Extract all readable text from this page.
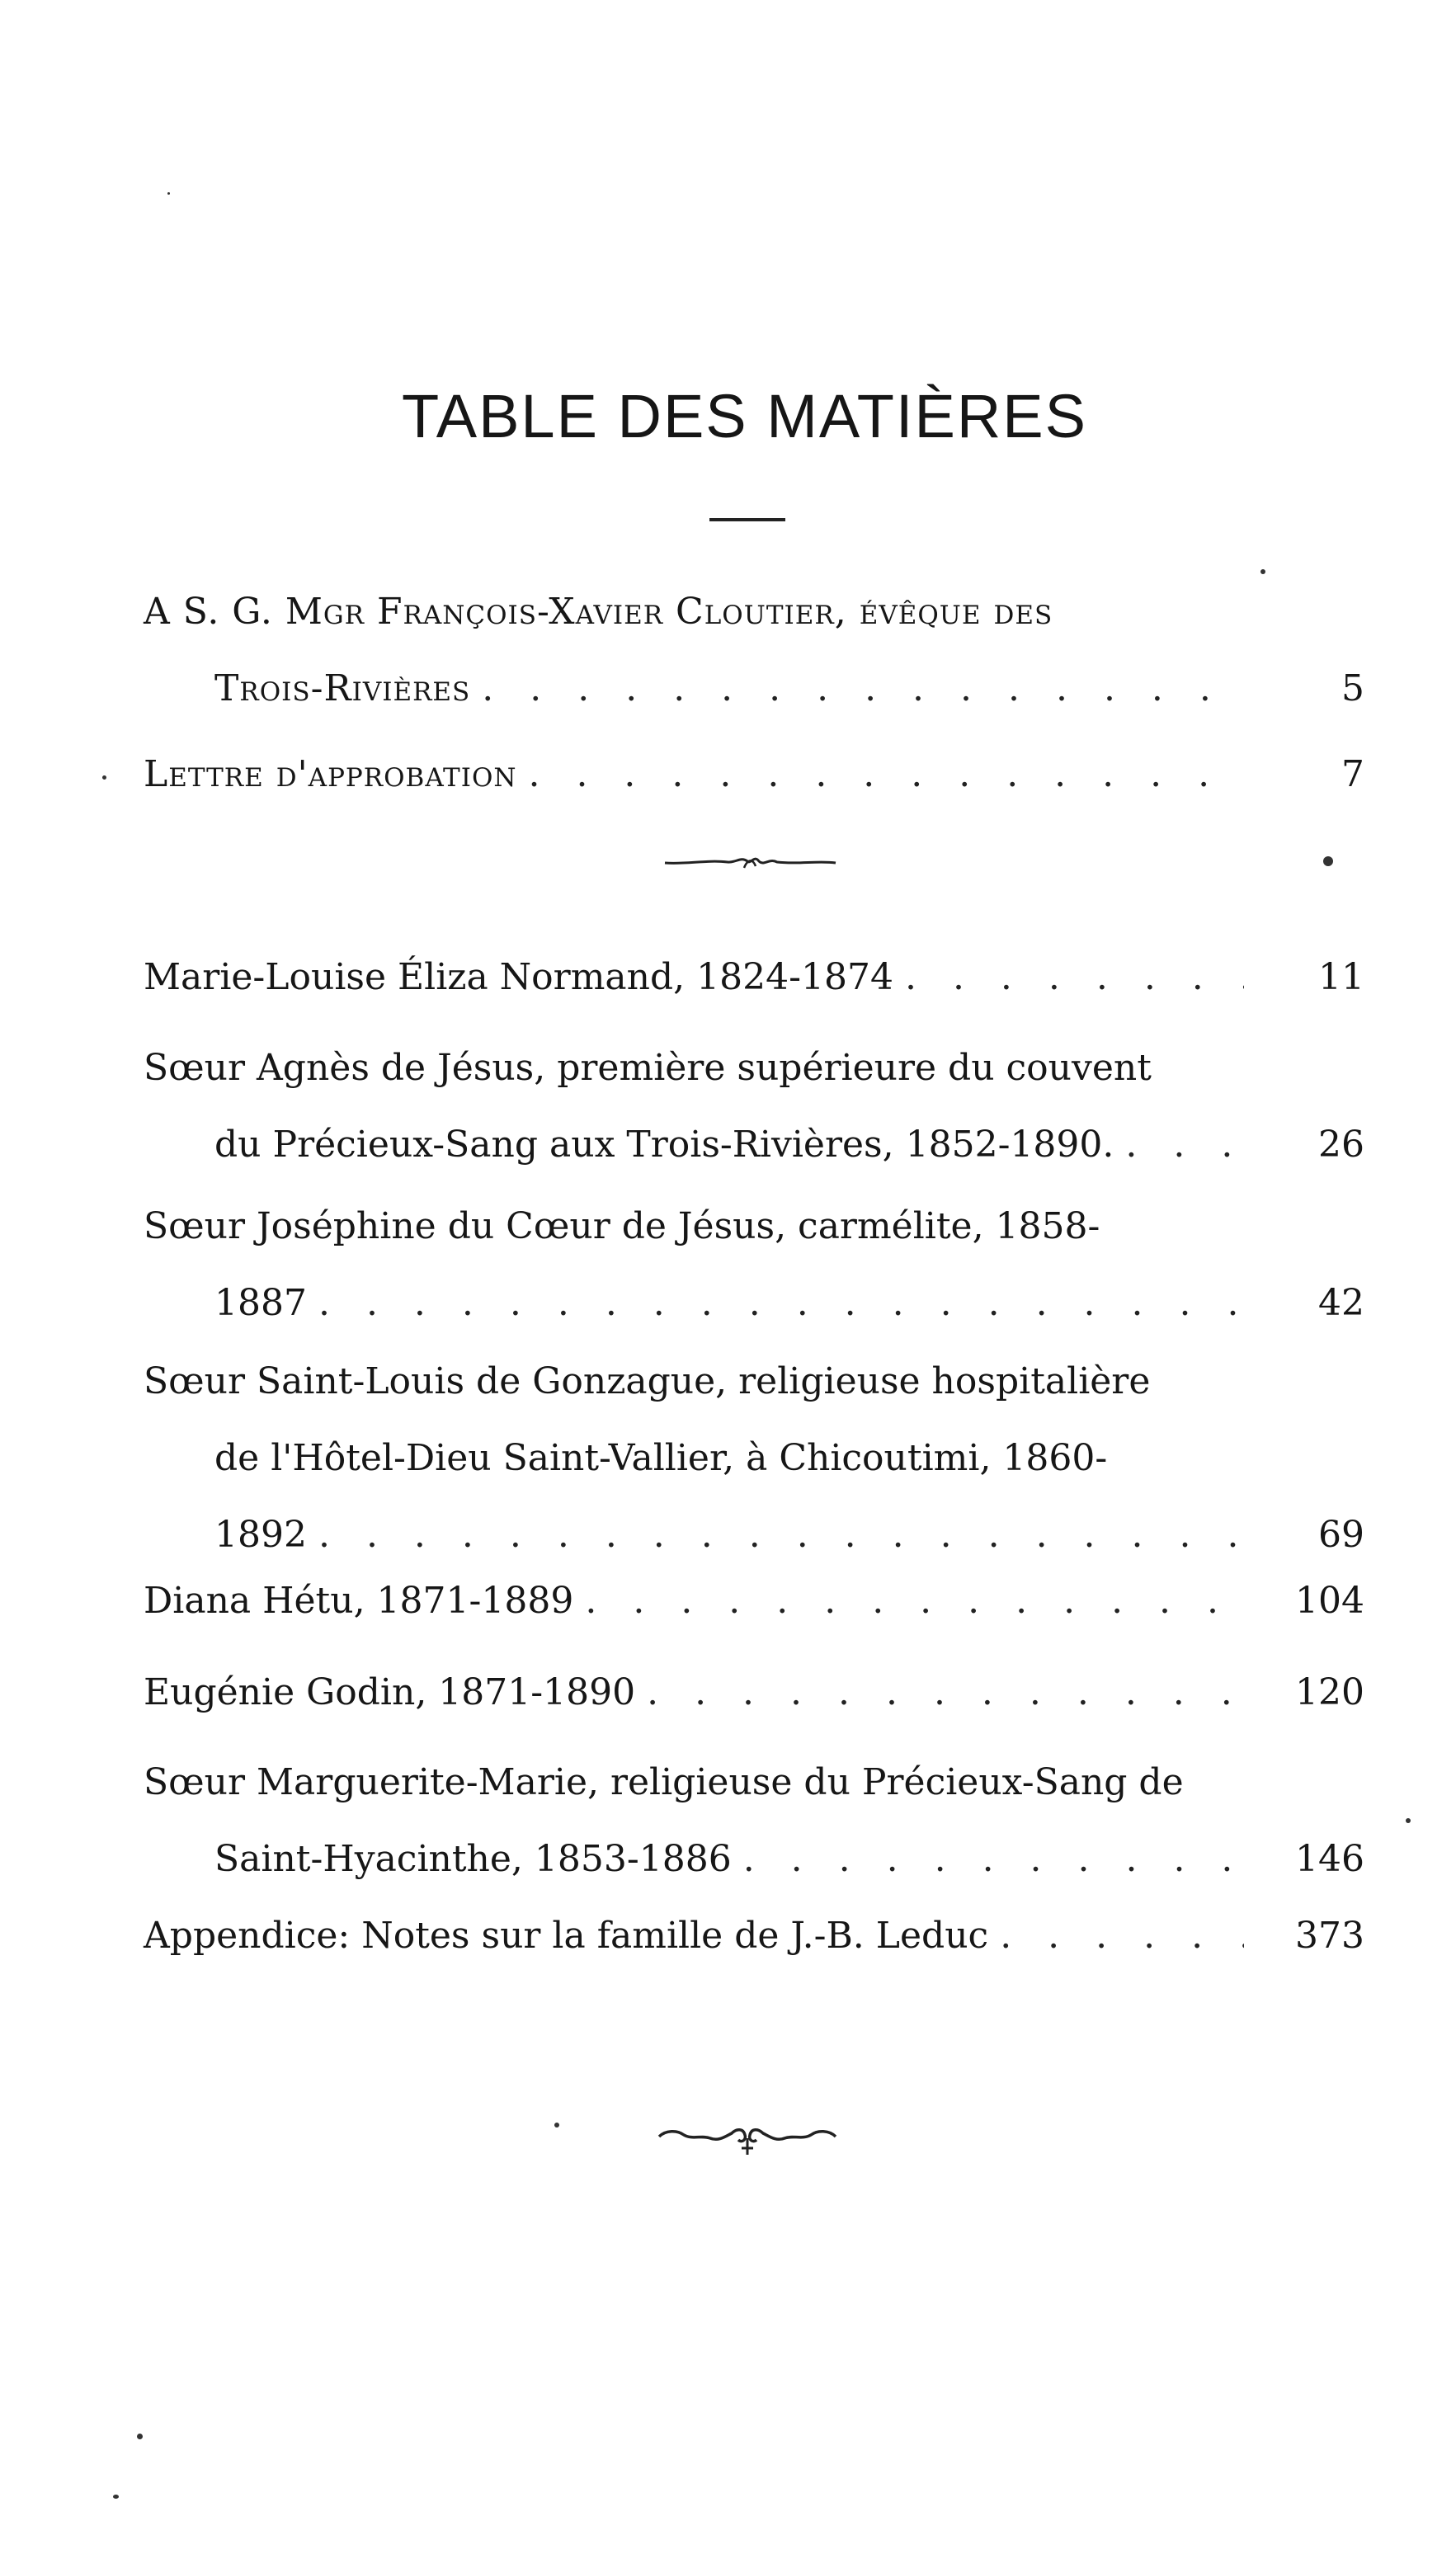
TABLE DES MATIÈRES
A S. G. Mgr François-Xavier Cloutier, évêque des
Trois-Rivières . . .	5
Lettre d'approbation . . .	7
Marie-Louise Éliza Normand, 1824-1874 . . .	11
Sœur Agnès de Jésus, première supérieure du couvent
du Précieux-Sang aux Trois-Rivières, 1852-1890. . . .	26
Sœur Joséphine du Cœur de Jésus, carmélite, 1858-
1887 . . .	42
Sœur Saint-Louis de Gonzague, religieuse hospitalière
de l'Hôtel-Dieu Saint-Vallier, à Chicoutimi, 1860-
1892 . . .	69
Diana Hétu, 1871-1889 . . .	104
Eugénie Godin, 1871-1890 . . .	120
Sœur Marguerite-Marie, religieuse du Précieux-Sang de
Saint-Hyacinthe, 1853-1886 . . .	146
Appendice: Notes sur la famille de J.-B. Leduc . . .	373
